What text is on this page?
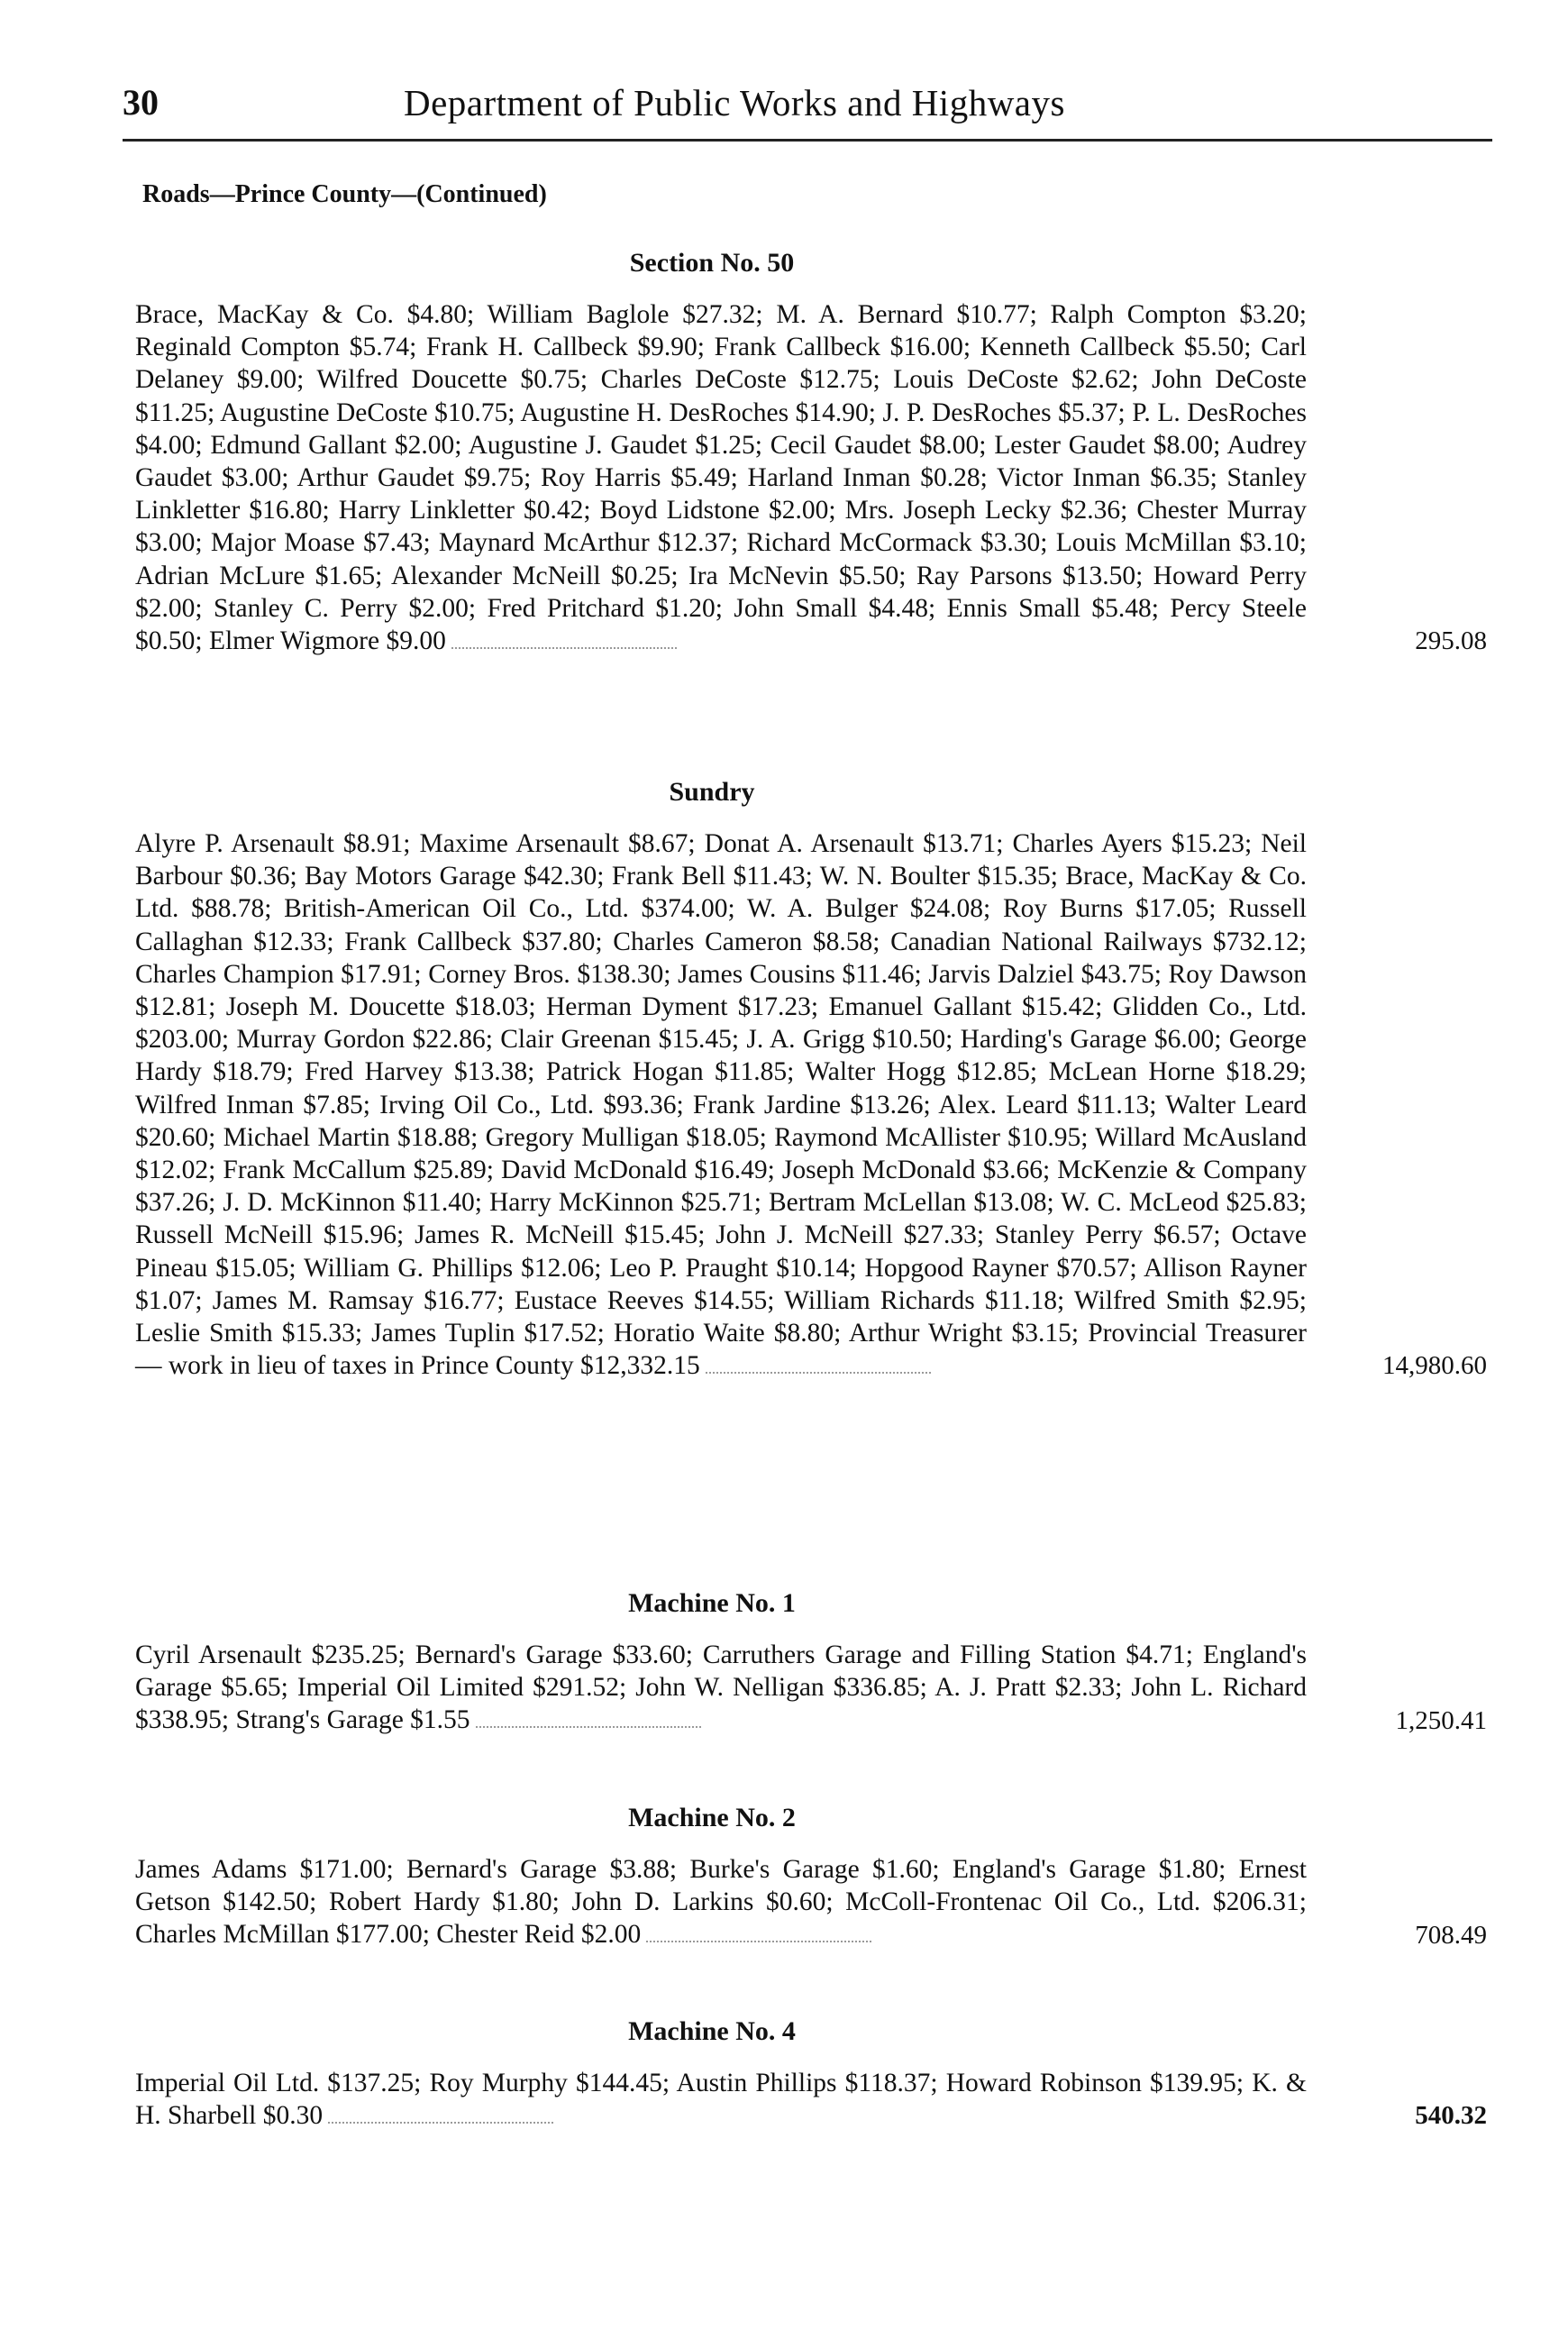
30	Department of Public Works and Highways
Roads—Prince County—(Continued)
Section No. 50
Brace, MacKay & Co. $4.80; William Baglole $27.32; M. A. Bernard $10.77; Ralph Compton $3.20; Reginald Compton $5.74; Frank H. Callbeck $9.90; Frank Callbeck $16.00; Kenneth Callbeck $5.50; Carl Delaney $9.00; Wilfred Doucette $0.75; Charles DeCoste $12.75; Louis DeCoste $2.62; John DeCoste $11.25; Augustine DeCoste $10.75; Augustine H. DesRoches $14.90; J. P. DesRoches $5.37; P. L. DesRoches $4.00; Edmund Gallant $2.00; Augustine J. Gaudet $1.25; Cecil Gaudet $8.00; Lester Gaudet $8.00; Audrey Gaudet $3.00; Arthur Gaudet $9.75; Roy Harris $5.49; Harland Inman $0.28; Victor Inman $6.35; Stanley Linkletter $16.80; Harry Linkletter $0.42; Boyd Lidstone $2.00; Mrs. Joseph Lecky $2.36; Chester Murray $3.00; Major Moase $7.43; Maynard McArthur $12.37; Richard McCormack $3.30; Louis McMillan $3.10; Adrian McLure $1.65; Alexander McNeill $0.25; Ira McNevin $5.50; Ray Parsons $13.50; Howard Perry $2.00; Stanley C. Perry $2.00; Fred Pritchard $1.20; John Small $4.48; Ennis Small $5.48; Percy Steele $0.50; Elmer Wigmore $9.00	295.08
Sundry
Alyre P. Arsenault $8.91; Maxime Arsenault $8.67; Donat A. Arsenault $13.71; Charles Ayers $15.23; Neil Barbour $0.36; Bay Motors Garage $42.30; Frank Bell $11.43; W. N. Boulter $15.35; Brace, MacKay & Co. Ltd. $88.78; British-American Oil Co., Ltd. $374.00; W. A. Bulger $24.08; Roy Burns $17.05; Russell Callaghan $12.33; Frank Callbeck $37.80; Charles Cameron $8.58; Canadian National Railways $732.12; Charles Champion $17.91; Corney Bros. $138.30; James Cousins $11.46; Jarvis Dalziel $43.75; Roy Dawson $12.81; Joseph M. Doucette $18.03; Herman Dyment $17.23; Emanuel Gallant $15.42; Glidden Co., Ltd. $203.00; Murray Gordon $22.86; Clair Greenan $15.45; J. A. Grigg $10.50; Harding's Garage $6.00; George Hardy $18.79; Fred Harvey $13.38; Patrick Hogan $11.85; Walter Hogg $12.85; McLean Horne $18.29; Wilfred Inman $7.85; Irving Oil Co., Ltd. $93.36; Frank Jardine $13.26; Alex. Leard $11.13; Walter Leard $20.60; Michael Martin $18.88; Gregory Mulligan $18.05; Raymond McAllister $10.95; Willard McAusland $12.02; Frank McCallum $25.89; David McDonald $16.49; Joseph McDonald $3.66; McKenzie & Company $37.26; J. D. McKinnon $11.40; Harry McKinnon $25.71; Bertram McLellan $13.08; W. C. McLeod $25.83; Russell McNeill $15.96; James R. McNeill $15.45; John J. McNeill $27.33; Stanley Perry $6.57; Octave Pineau $15.05; William G. Phillips $12.06; Leo P. Praught $10.14; Hopgood Rayner $70.57; Allison Rayner $1.07; James M. Ramsay $16.77; Eustace Reeves $14.55; William Richards $11.18; Wilfred Smith $2.95; Leslie Smith $15.33; James Tuplin $17.52; Horatio Waite $8.80; Arthur Wright $3.15; Provincial Treasurer — work in lieu of taxes in Prince County $12,332.15	14,980.60
Machine No. 1
Cyril Arsenault $235.25; Bernard's Garage $33.60; Carruthers Garage and Filling Station $4.71; England's Garage $5.65; Imperial Oil Limited $291.52; John W. Nelligan $336.85; A. J. Pratt $2.33; John L. Richard $338.95; Strang's Garage $1.55	1,250.41
Machine No. 2
James Adams $171.00; Bernard's Garage $3.88; Burke's Garage $1.60; England's Garage $1.80; Ernest Getson $142.50; Robert Hardy $1.80; John D. Larkins $0.60; McColl-Frontenac Oil Co., Ltd. $206.31; Charles McMillan $177.00; Chester Reid $2.00	708.49
Machine No. 4
Imperial Oil Ltd. $137.25; Roy Murphy $144.45; Austin Phillips $118.37; Howard Robinson $139.95; K. & H. Sharbell $0.30	540.32
